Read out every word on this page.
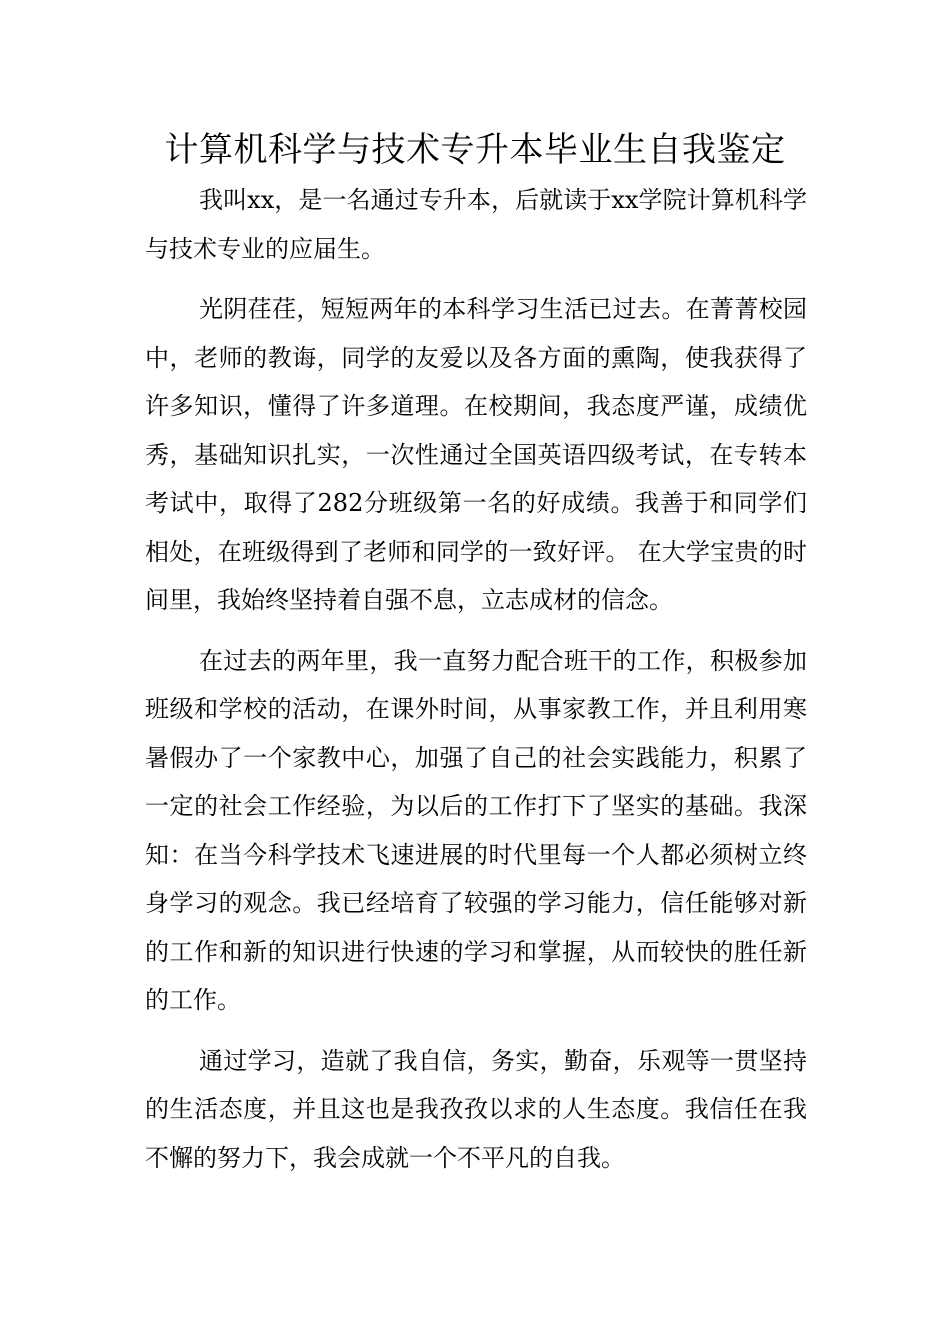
计算机科学与技术专升本毕业生自我鉴定

我叫xx，是一名通过专升本，后就读于xx学院计算机科学与技术专业的应届生。

光阴荏荏，短短两年的本科学习生活已过去。在菁菁校园中，老师的教诲，同学的友爱以及各方面的熏陶，使我获得了许多知识，懂得了许多道理。在校期间，我态度严谨，成绩优秀，基础知识扎实，一次性通过全国英语四级考试，在专转本考试中，取得了282分班级第一名的好成绩。我善于和同学们相处，在班级得到了老师和同学的一致好评。 在大学宝贵的时间里，我始终坚持着自强不息，立志成材的信念。

在过去的两年里，我一直努力配合班干的工作，积极参加班级和学校的活动，在课外时间，从事家教工作，并且利用寒暑假办了一个家教中心，加强了自己的社会实践能力，积累了一定的社会工作经验，为以后的工作打下了坚实的基础。我深知：在当今科学技术飞速进展的时代里每一个人都必须树立终身学习的观念。我已经培育了较强的学习能力，信任能够对新的工作和新的知识进行快速的学习和掌握，从而较快的胜任新的工作。

通过学习，造就了我自信，务实，勤奋，乐观等一贯坚持的生活态度，并且这也是我孜孜以求的人生态度。我信任在我不懈的努力下，我会成就一个不平凡的自我。
